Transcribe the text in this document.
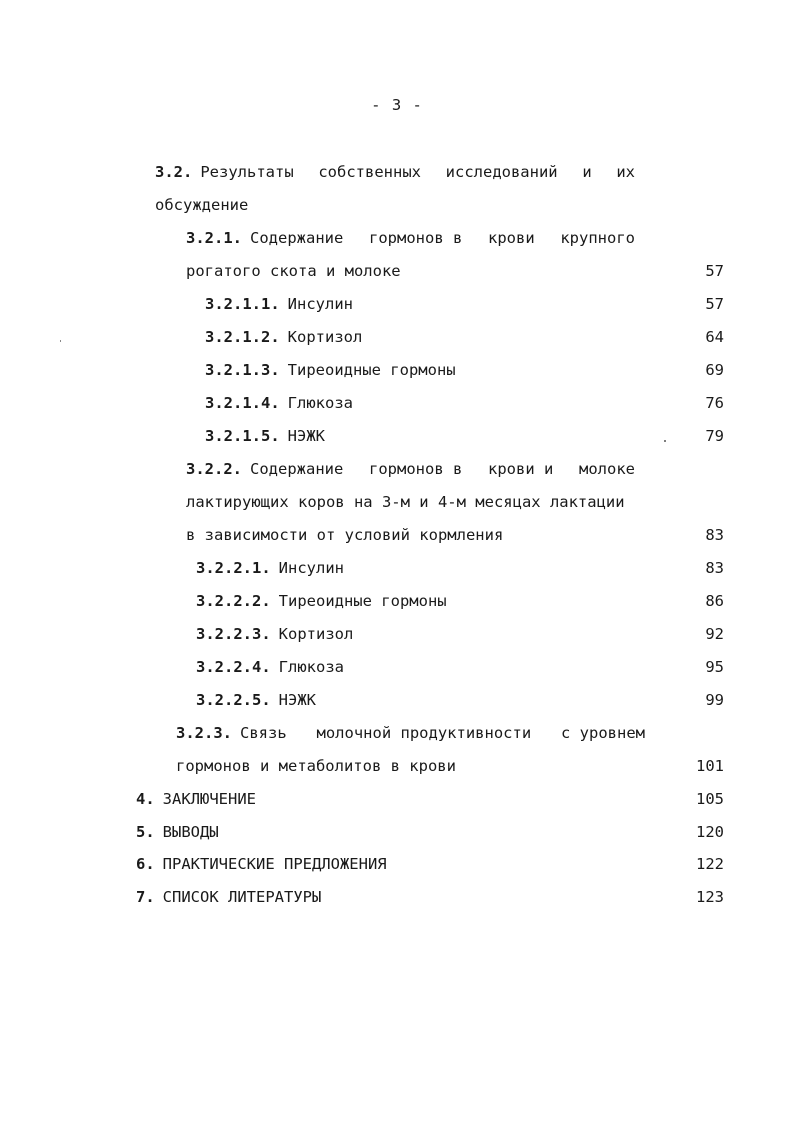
- 3 -
3.2. Результаты собственных исследований и их
обсуждение
3.2.1. Содержание гормонов в крови крупного
рогатого скота и молоке	57
3.2.1.1. Инсулин	57
3.2.1.2. Кортизол	64
3.2.1.3. Тиреоидные гормоны	69
3.2.1.4. Глюкоза	76
3.2.1.5. НЭЖК	79
3.2.2. Содержание гормонов в крови и молоке
лактирующих коров на 3-м и 4-м месяцах лактации
в зависимости от условий кормления	83
3.2.2.1. Инсулин	83
3.2.2.2. Тиреоидные гормоны	86
3.2.2.3. Кортизол	92
3.2.2.4. Глюкоза	95
3.2.2.5. НЭЖК	99
3.2.3. Связь молочной продуктивности с уровнем
гормонов и метаболитов в крови	101
4. ЗАКЛЮЧЕНИЕ	105
5. ВЫВОДЫ	120
6. ПРАКТИЧЕСКИЕ ПРЕДЛОЖЕНИЯ	122
7. СПИСОК ЛИТЕРАТУРЫ	123
